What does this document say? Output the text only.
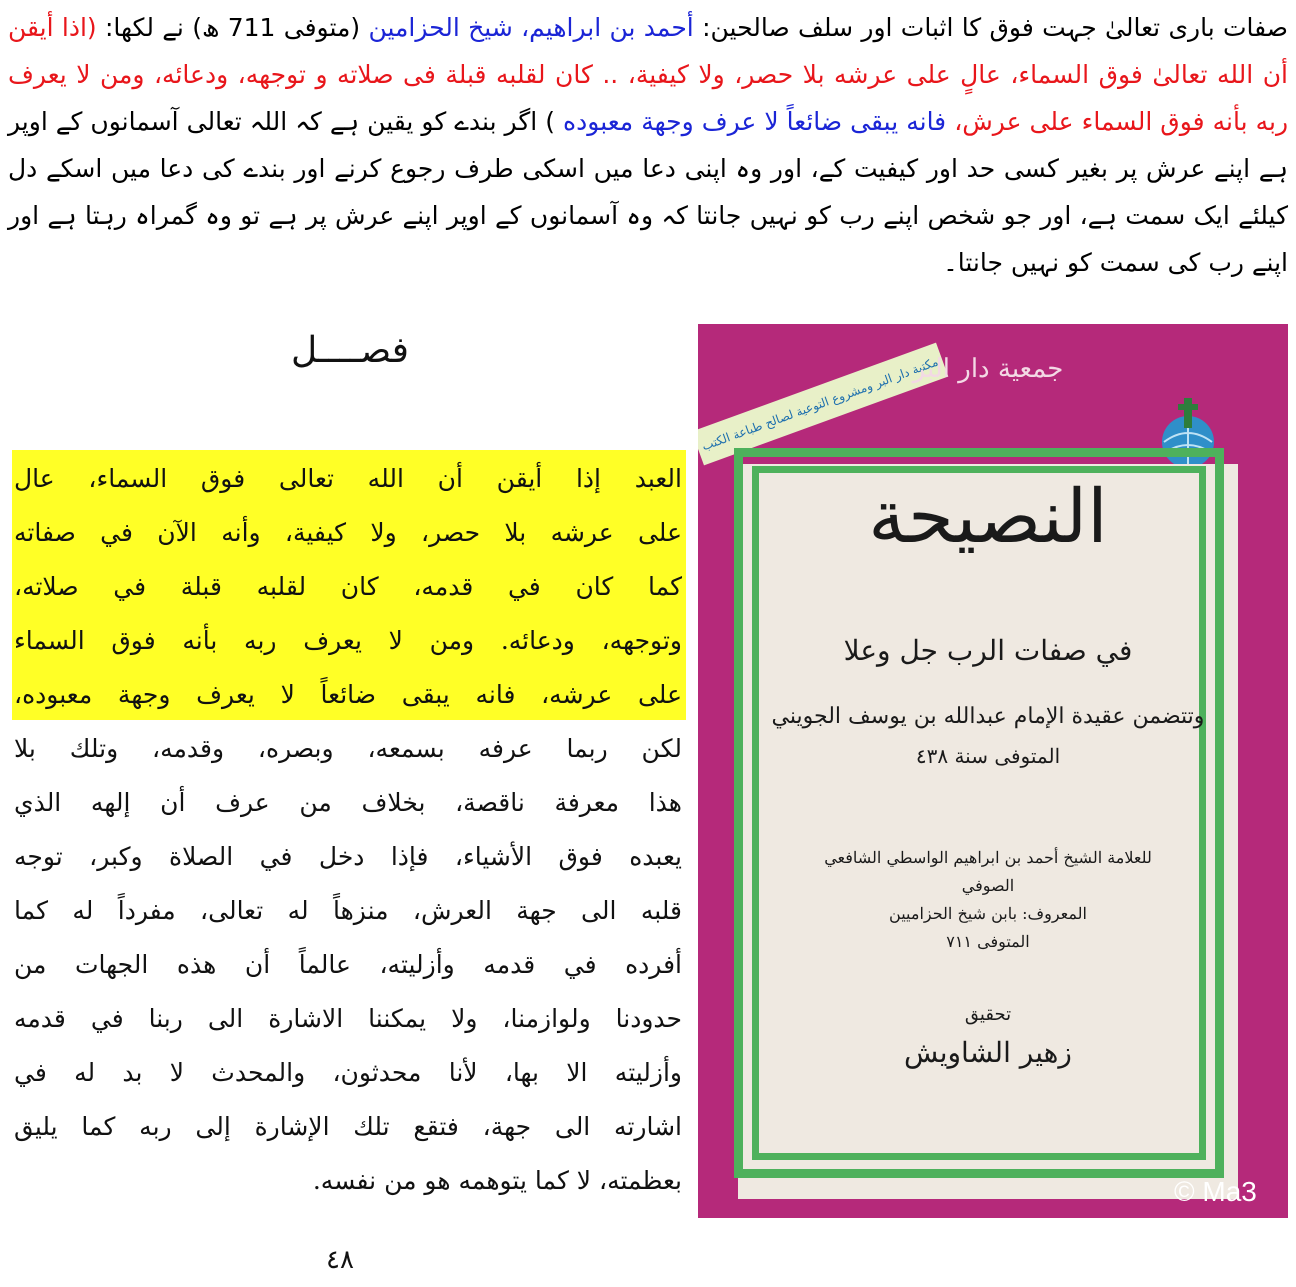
صفات باری تعالیٰ جہت فوق کا اثبات اور سلف صالحین: أحمد بن ابراهيم، شيخ الحزامين (متوفی 711 ھ) نے لکھا: (اذا أيقن أن الله تعالىٰ فوق السماء، عالٍ على عرشه بلا حصر، ولا كيفية، .. كان لقلبه قبلة فى صلاته و توجهه، ودعائه، ومن لا يعرف ربه بأنه فوق السماء على عرش، فانه يبقى ضائعاً لا عرف وجهة معبوده ) اگر بندے کو یقین ہے کہ اللہ تعالی آسمانوں کے اوپر ہے اپنے عرش پر بغیر کسی حد اور کیفیت کے، اور وہ اپنی دعا میں اسکی طرف رجوع کرنے اور بندے کی دعا میں اسکے دل کیلئے ایک سمت ہے، اور جو شخص اپنے رب کو نہیں جانتا کہ وہ آسمانوں کے اوپر اپنے عرش پر ہے تو وہ گمراہ رہتا ہے اور اپنے رب کی سمت کو نہیں جانتا۔
فصــــل
العبد إذا أيقن أن الله تعالى فوق السماء، عال
على عرشه بلا حصر، ولا كيفية، وأنه الآن في صفاته
كما كان في قدمه، كان لقلبه قبلة في صلاته،
وتوجهه، ودعائه. ومن لا يعرف ربه بأنه فوق السماء
على عرشه، فانه يبقى ضائعاً لا يعرف وجهة معبوده،
لكن ربما عرفه بسمعه، وبصره، وقدمه، وتلك بلا
هذا معرفة ناقصة، بخلاف من عرف أن إلهه الذي
يعبده فوق الأشياء، فإذا دخل في الصلاة وكبر، توجه
قلبه الى جهة العرش، منزهاً له تعالى، مفرداً له كما
أفرده في قدمه وأزليته، عالماً أن هذه الجهات من
حدودنا ولوازمنا، ولا يمكننا الاشارة الى ربنا في قدمه
وأزليته الا بها، لأنا محدثون، والمحدث لا بد له في
اشارته الى جهة، فتقع تلك الإشارة إلى ربه كما يليق
بعظمته، لا كما يتوهمه هو من نفسه.
٤٨
مكتبة دار البر ومشروع التوعية لصالح طباعة الكتب
جمعية دار البر
النصيحة
في صفات الرب جل وعلا
وتتضمن عقيدة الإمام عبدالله بن يوسف الجويني
المتوفى سنة ٤٣٨
للعلامة الشيخ أحمد بن ابراهيم الواسطي الشافعي الصوفي
المعروف: بابن شيخ الحزاميين
المتوفى ٧١١
تحقيق
زهير الشاويش
© Ma3
